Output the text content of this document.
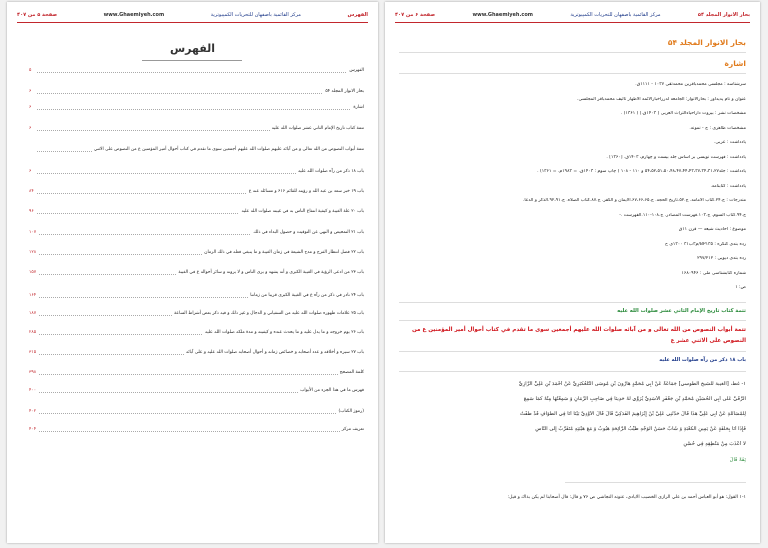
الفهرس
مركز القائمية باصفهان للتحريات الكمپيوترية
www.Ghaemiyeh.com
صفحة ۵ من ۴۰۷
الفهرس
الفهرس
۵
بحار الانوار المجلد ۵۴
۶
اشارة
۶
تتمة كتاب تاريخ الإمام الثاني عشر صلوات الله عليه
۶
تتمة أبواب النصوص من الله تعالى و من آبائه عليهم صلوات الله عليهم أجمعين سوى ما تقدم في كتاب أحوال أمير المؤمنين ع من النصوص على الاثني
باب ۱۸ ذكر من رآه صلوات الله عليه
۶
باب ۱۹ خبر سعد بن عبد الله و رؤيته للقائم ۶۱۶ و مسائله عنه ع
۸۴
باب ۲۰ علة الغيبة و كيفية انتفاع الناس به في غيبته صلوات الله عليه
۹۶
باب ۲۱ التمحيص و النهي عن التوقيت و حصول البداء في ذلك
۱۰۷
باب ۲۲ فضل انتظار الفرج و مدح الشيعة في زمان الغيبة و ما ينبغي فعله في ذلك الزمان
۱۲۸
باب ۲۳ من ادعى الرؤية في الغيبة الكبرى و أنه يشهد و يرى الناس و لا يرونه و سائر أحواله ع في الغيبة
۱۵۷
باب ۲۴ نادر في ذكر من رآه ع في الغيبة الكبرى قريبا من زماننا
۱۶۴
باب ۲۵ علامات ظهوره صلوات الله عليه من السفياني و الدجال و غير ذلك و فيه ذكر بعض أشراط الساعة
۱۸۷
باب ۲۶ يوم خروجه و ما يدل عليه و ما يحدث عنده و كيفيته و مدة ملكه صلوات الله عليه
۲۸۵
باب ۲۷ سيره و أخلاقه و عدد أصحابه و خصائص زمانه و أحوال أصحابه صلوات الله عليه و على آبائه
۳۱۵
كلمة المصحح
۳۹۸
فهرس ما في هذا الجزء من الأبواب
۴۰۰
(رموز الكتاب)
۴۰۲
تعريف مركز
۴۰۴
بحار الانوار المجلد ۵۴
مركز القائمية باصفهان للتحريات الكمپيوترية
www.Ghaemiyeh.com
صفحة ۶ من ۴۰۷
بحار الانوار المجلد ۵۴
اشارة
سرشناسه : مجلسی محمدباقربن محمدتقی ۱۰۳۷ - ۱۱۱۱ق.
عنوان و نام پدیدآور : بحارالانوار: الجامعه لدرراخبارالائمه الاطهار تالیف محمدباقر المجلسی.
مشخصات نشر : بیروت داراحیاءالتراث العربی [ ۱۴۰۳ق.] ( ۱۳۶۱) .
مشخصات ظاهری : ج - نمونه.
یادداشت : عربی.
یادداشت : فهرست نویسی بر اساس جلد بیست و چهارم، ۱۴۰۳ق. [۱۳۶۰] .
یادداشت : جلد۵۴،۵۲،۵۱،۵۰،۴۸،۴۷،۴۴،۴۳،۳۷،۳۴،۳۱،۲۷ و ۱۱۰ - ۱۰۸ ( چاپ سوم : ۱۴۰۳ق. = ۱۹۸۳م. = ۱۳۶۱) .
یادداشت : کتابنامه.
مندرجات : ج.۲۴.کتاب الامامه. ج.۵۲.تاریخ الحجه. ج.۶۷،۶۶،۶۵.الایمان و الکفر. ج.۸۷.کتاب الصلاه. ج.۹۲،۹۱.الذکر و الدعا.
ج.۹۴.کتاب السوم. ج.۱۰۳.فهرست المصادر. ج.۱۰۸-۱۱۰.الفهرست .-
موضوع : احادیث شیعه — قرن ۱۱ق
رده بندی کنگره : BP۱۳۵/م۳ب۳۱ ۱۳۰۰ی ح
رده بندی دیویی : ۲۹۷/۲۱۲
شماره کتابشناسی ملی : ۱۶۸۰۹۴۶
ص: ۱
تتمة كتاب تاريخ الإمام الثاني عشر صلوات الله عليه
تتمة أبواب النصوص من الله تعالى و من آبائه صلوات الله عليهم أجمعين سوى ما تقدم في كتاب أحوال أمير المؤمنين ع من النصوص على الاثني عشر ع
باب ۱۸ ذكر من رآه صلوات الله عليه
۱- غط، [الغيبة للشيخ الطوسي] جَمَاعَةٌ عَنْ أَبِي مُحَمَّدٍ هَارُونَ بْنِ مُوسَى التَّلَعُكْبَرِيِّ عَنْ أَحْمَدَ بْنِ عَلِيٍّ الرَّازِيِّ
الرَّقِّيِّ عَلَى أَبِي الْحُسَيْنِ مُحَمَّدِ بْنِ جَعْفَرٍ الْأَسَدِيِّ يُرَوِّي لَهُ حَدِيثاً فِي صَاحِبِ الزَّمَانِ وَ سَمِعْتُهَا مِنْهُ كَمَا سَمِعَ
لِلْمُسَائَلَةِ عَنْ أَبِي عَلِيٍّ هَذَا قَالَ حَدَّثَنِي عَلِيُّ بْنُ إِبْرَاهِيمَ الْفَدَكِيُّ قَالَ قَالَ الْأَوْدِيُّ بَيْنَا أَنَا فِي الطَّوَافِ قَدْ طُفْتُ
فَإِذَا أَنَا بِحَلْقَةٍ عَنْ يَمِينِ الْكَعْبَةِ وَ شَابٌّ حَسَنُ الْوَجْهِ طَيِّبُ الرَّائِحَةِ هَيُوبٌ وَ مَعَ هَيْبَتِهِ مُتَقَرِّبٌ إِلَى النَّاسِ
لَا أَعْذَبَ مِنْ مَنْطِقِهِ فِي حُسْنِ
ثِقَةً قَالَ
۱-۱ القول: هو أبو العباس أحمد بن علي الرازي الخضيب الايادي، عنونه النجاشي ص ۷۶ و قال: قال أصحابنا لم يكن بذاك و قيل:
